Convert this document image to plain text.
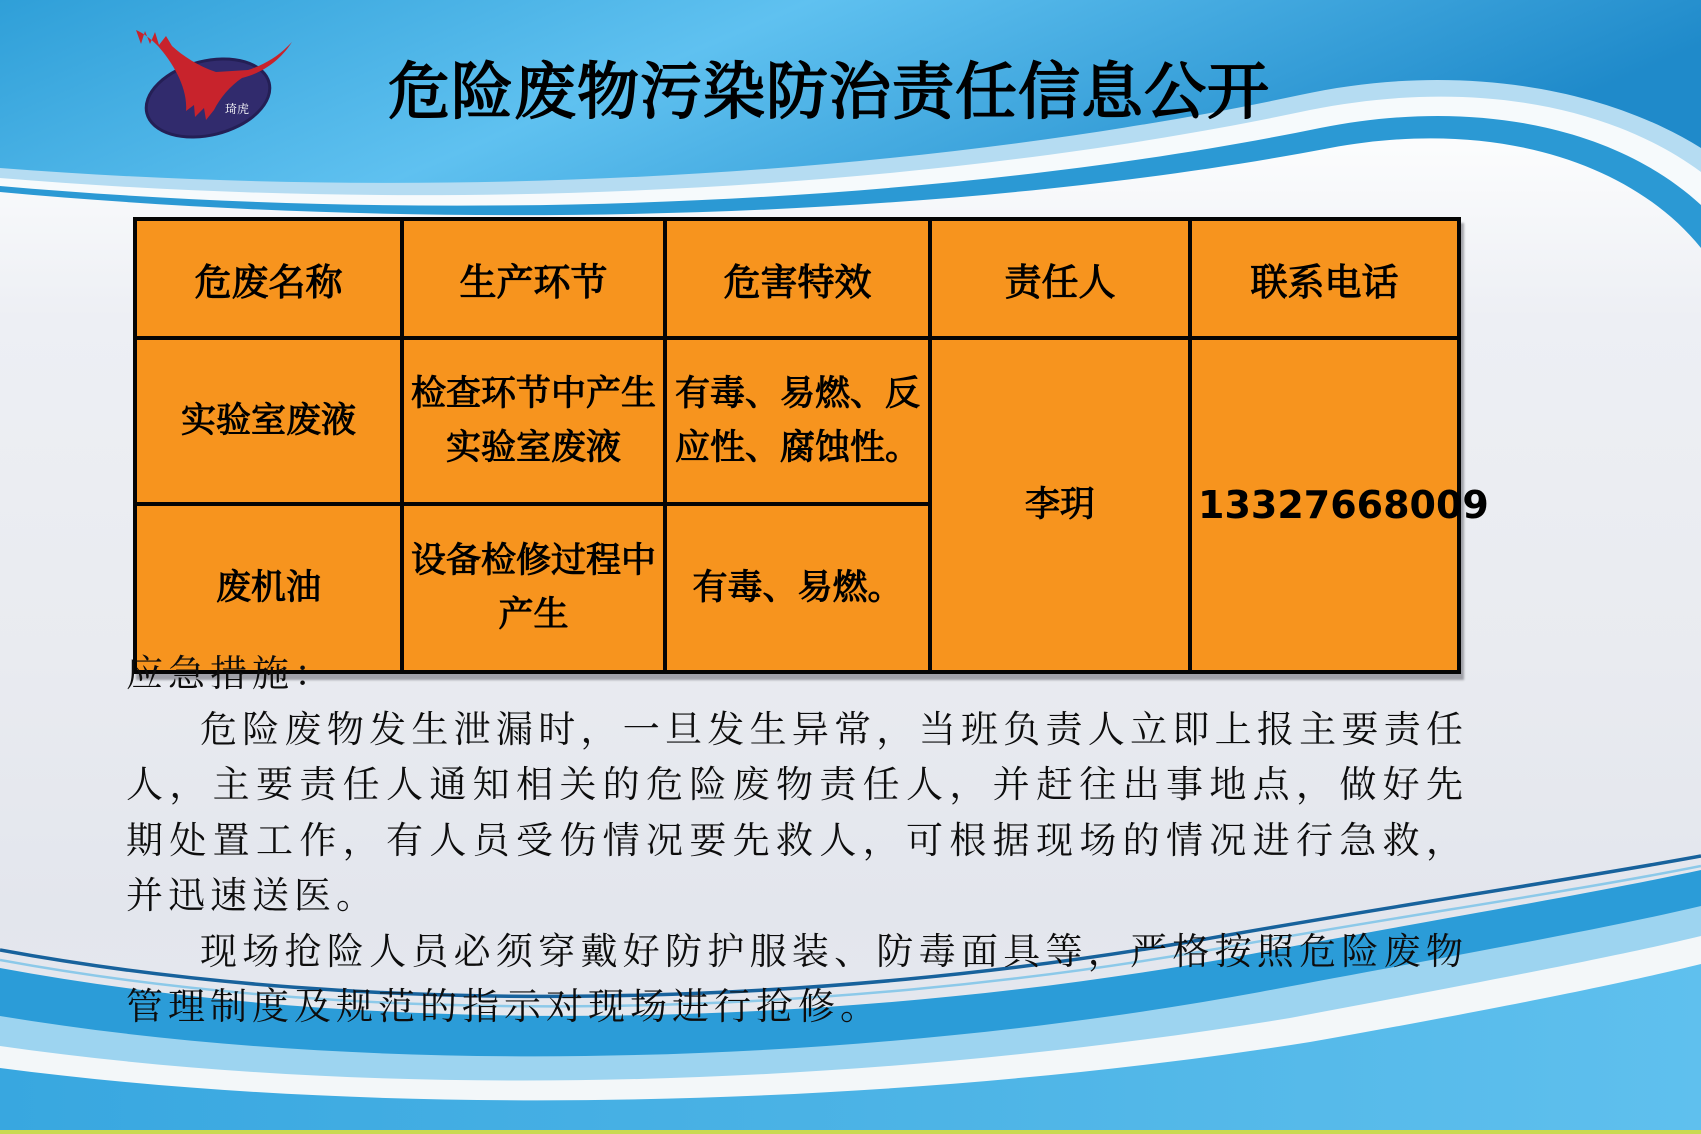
琦虎 危险废物污染防治责任信息公开
危废名称	生产环节	危害特效	责任人	联系电话
实验室废液	检查环节中产生实验室废液	有毒、易燃、反应性、腐蚀性。	李玥	13327668009
废机油	设备检修过程中产生	有毒、易燃。		
应急措施：

危险废物发生泄漏时，一旦发生异常，当班负责人立即上报主要责任人，主要责任人通知相关的危险废物责任人，并赶往出事地点，做好先期处置工作，有人员受伤情况要先救人，可根据现场的情况进行急救，并迅速送医。

现场抢险人员必须穿戴好防护服装、防毒面具等，严格按照危险废物管理制度及规范的指示对现场进行抢修。
